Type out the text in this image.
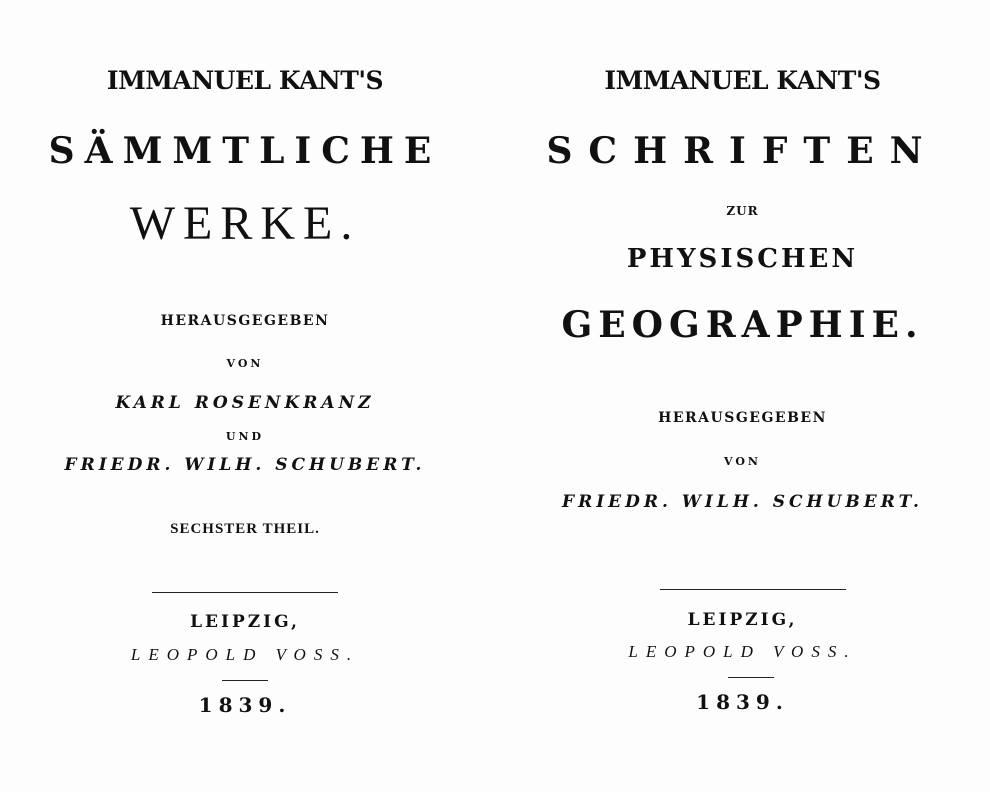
IMMANUEL KANT'S

SÄMMTLICHE

WERKE.

HERAUSGEGEBEN

VON

KARL ROSENKRANZ

UND

FRIEDR. WILH. SCHUBERT.

SECHSTER THEIL.

LEIPZIG,

LEOPOLD VOSS.

1839.

IMMANUEL KANT'S

SCHRIFTEN

ZUR

PHYSISCHEN

GEOGRAPHIE.

HERAUSGEGEBEN

VON

FRIEDR. WILH. SCHUBERT.

LEIPZIG,

LEOPOLD VOSS.

1839.
